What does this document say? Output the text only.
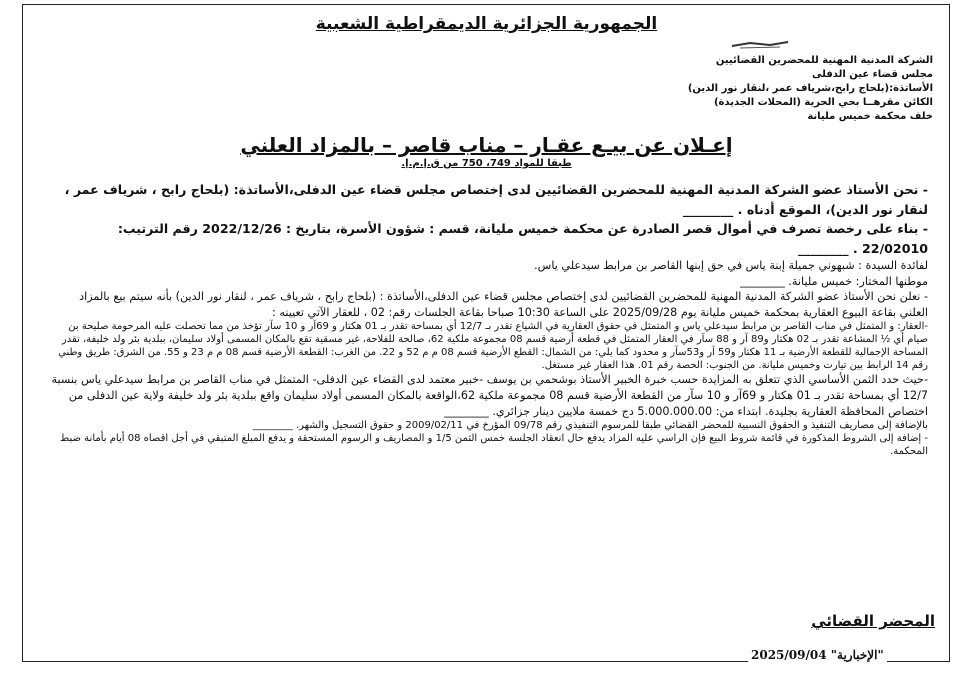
الجمهورية الجزائرية الديمقراطية الشعبية
الشركة المدنية المهنية للمحضرين القضائيين
مجلس قضاء عين الدفلى
الأساتذة:(بلحاج رابح،شرياف عمر ،لنقار نور الدين)
الكائن مقرهــا بحي الحرية (المحلات الجديدة)
خلف محكمة خميس مليانة
إعـلان عن بيـع عقـار – مناب قاصر – بالمزاد العلني
طبقا للمواد 749، 750 من ق.إ.م.إ.

- نحن الأستاذ عضو الشركة المدنية المهنية للمحضرين القضائيين لدى إختصاص مجلس قضاء عين الدفلى،الأساتذة: (بلحاج رابح ، شرياف عمر ، لنقار نور الدين)، الموقع أدناه . ________

- بناء على رخصة تصرف في أموال قصر الصادرة عن محكمة خميس مليانة، قسم : شؤون الأسرة، بتاريخ : 2022/12/26 رقم الترتيب: 22/02010 . ________

لفائدة السيدة : شبهوني جميلة إبنة ياس في حق إبنها القاصر بن مرابط سيدعلي ياس.

موطنها المختار: خميس مليانة. ________

- نعلن نحن الأستاذ عضو الشركة المدنية المهنية للمحضرين القضائيين لدى إختصاص مجلس قضاء عين الدفلى،الأساتذة : (بلحاج رابح ، شرياف عمر ، لنقار نور الدين) بأنه سيتم بيع بالمزاد العلني بقاعة البيوع العقارية بمحكمة خميس مليانة يوم 2025/09/28 على الساعة 10:30 صباحا بقاعة الجلسات رقم: 02 ، للعقار الآتي تعيينه :

-العقار: و المتمثل في مناب القاصر بن مرابط سيدعلي ياس و المتمثل في حقوق العقارية في الشياع تقدر بـ 12/7 أي بمساحة تقدر بـ 01 هكتار و 69آر و 10 سآر تؤخذ من مما تحصلت عليه المرحومة صليحة بن صيام أي ½ المشاعة تقدر بـ 02 هكتار و89 آر و 88 سآر في العقار المتمثل في قطعة أرضية قسم 08 مجموعة ملكية 62، صالحة للفلاحة، غير مسقية تقع بالمكان المسمى أولاد سليمان، ببلدية بئر ولد خليفة، تقدر المساحة الإجمالية للقطعة الأرضية بـ 11 هكتار و59 آر و53سآر و محدود كما يلي: من الشمال: القطع الأرضية قسم 08 م م 52 و 22. من الغرب: القطعة الأرضية قسم 08 م م 23 و 55. من الشرق: طريق وطني رقم 14 الرابط بين تيارت وخميس مليانة. من الجنوب: الحصة رقم 01. هذا العقار غير مستغل.

-حيث حدد الثمن الأساسي الذي تتعلق به المزايدة حسب خبرة الخبير الأستاذ بوشحمي بن يوسف -خبير معتمد لدى القضاء عين الدفلى- المتمثل في مناب القاصر بن مرابط سيدعلي ياس بنسبة 12/7 أي بمساحة تقدر بـ 01 هكتار و 69آر و 10 سآر من القطعة الأرضية قسم 08 مجموعة ملكية 62،الواقعة بالمكان المسمى أولاد سليمان واقع ببلدية بئر ولد خليفة ولاية عين الدفلى من اختصاص المحافظة العقارية بجليدة. ابتداء من: 5.000.000.00 دج خمسة ملايين دينار جزائري. ________

بالإضافة إلى مصاريف التنفيذ و الحقوق النسبية للمحضر القضائي طبقا للمرسوم التنفيذي رقم 09/78 المؤرخ في 2009/02/11 و حقوق التسجيل والشهر. ________

- إضافة إلى الشروط المذكورة في قائمة شروط البيع فإن الراسي عليه المزاد يدفع حال انعقاد الجلسة خمس الثمن 1/5 و المصاريف و الرسوم المستحقة و يدفع المبلغ المتبقي في أجل اقصاه 08 أيام بأمانة ضبط المحكمة.

المحضر القضائي
2025/09/04 "الإخبارية"
